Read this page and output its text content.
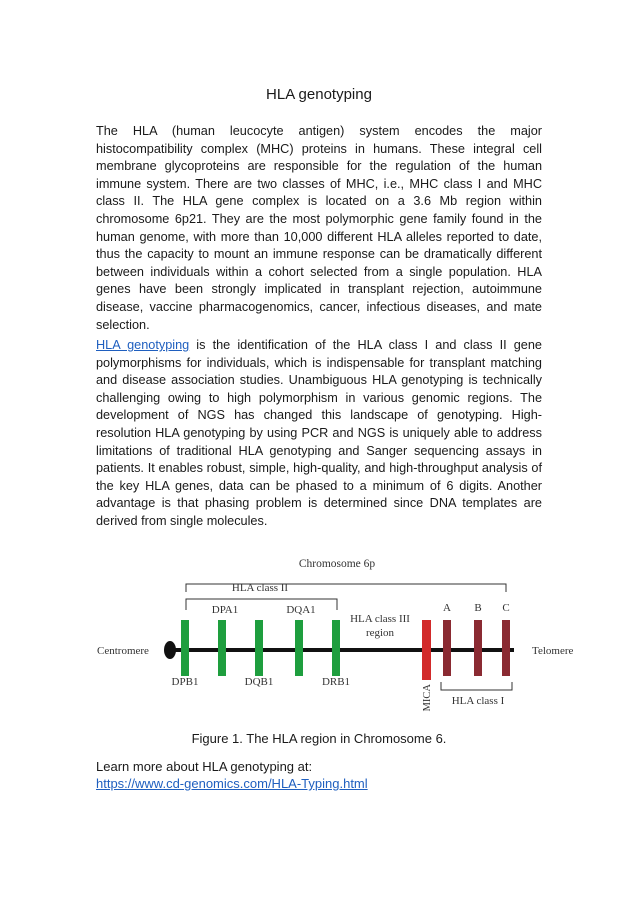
HLA genotyping

The HLA (human leucocyte antigen) system encodes the major histocompatibility complex (MHC) proteins in humans. These integral cell membrane glycoproteins are responsible for the regulation of the human immune system. There are two classes of MHC, i.e., MHC class I and MHC class II. The HLA gene complex is located on a 3.6 Mb region within chromosome 6p21. They are the most polymorphic gene family found in the human genome, with more than 10,000 different HLA alleles reported to date, thus the capacity to mount an immune response can be dramatically different between individuals within a cohort selected from a single population. HLA genes have been strongly implicated in transplant rejection, autoimmune disease, vaccine pharmacogenomics, cancer, infectious diseases, and mate selection.

HLA genotyping is the identification of the HLA class I and class II gene polymorphisms for individuals, which is indispensable for transplant matching and disease association studies. Unambiguous HLA genotyping is technically challenging owing to high polymorphism in various genomic regions. The development of NGS has changed this landscape of genotyping. High-resolution HLA genotyping by using PCR and NGS is uniquely able to address limitations of traditional HLA genotyping and Sanger sequencing assays in patients. It enables robust, simple, high-quality, and high-throughput analysis of the key HLA genes, data can be phased to a minimum of 6 digits. Another advantage is that phasing problem is determined since DNA templates are derived from single molecules.

Chromosome 6p
HLA class II
Centromere	Telomere
DPA1	DQA1
DPB1	DQB1	DRB1
HLA class III region
MICA
A B C
HLA class I
Figure 1. The HLA region in Chromosome 6.
Learn more about HLA genotyping at:
https://www.cd-genomics.com/HLA-Typing.html
